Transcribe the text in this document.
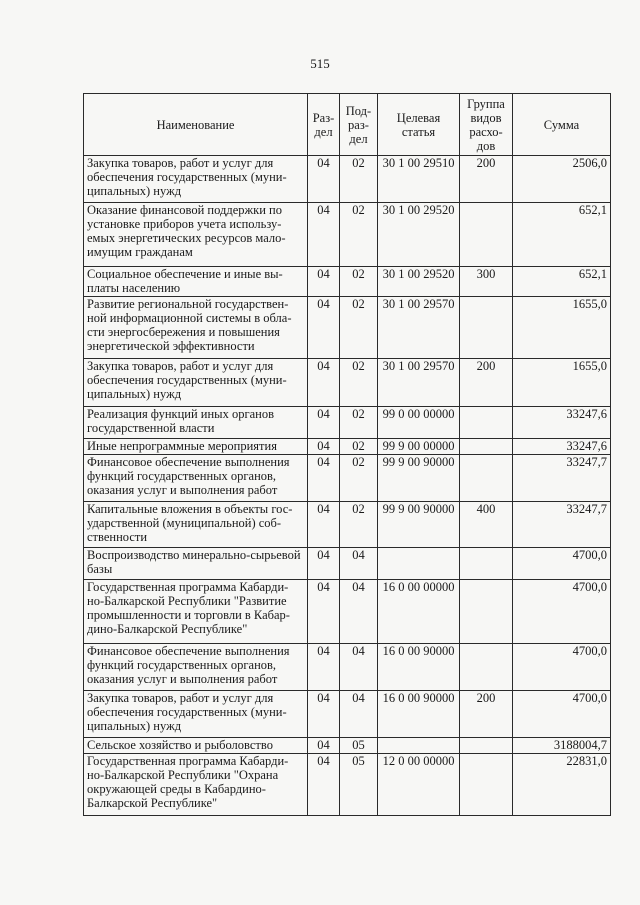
515
Наименование	Раз-дел	Под-раз-дел	Целевая статья	Группа видов расхо-дов	Сумма
Закупка товаров, работ и услуг для обеспечения государственных (муни-ципальных) нужд	04	02	30 1 00 29510	200	2506,0
Оказание финансовой поддержки по установке приборов учета использу-емых энергетических ресурсов мало-имущим гражданам	04	02	30 1 00 29520		652,1
Социальное обеспечение и иные вы-платы населению	04	02	30 1 00 29520	300	652,1
Развитие региональной государствен-ной информационной системы в обла-сти энергосбережения и повышения энергетической эффективности	04	02	30 1 00 29570		1655,0
Закупка товаров, работ и услуг для обеспечения государственных (муни-ципальных) нужд	04	02	30 1 00 29570	200	1655,0
Реализация функций иных органов государственной власти	04	02	99 0 00 00000		33247,6
Иные непрограммные мероприятия	04	02	99 9 00 00000		33247,6
Финансовое обеспечение выполнения функций государственных органов, оказания услуг и выполнения работ	04	02	99 9 00 90000		33247,7
Капитальные вложения в объекты гос-ударственной (муниципальной) соб-ственности	04	02	99 9 00 90000	400	33247,7
Воспроизводство минерально-сырьевой базы	04	04			4700,0
Государственная программа Кабарди-но-Балкарской Республики "Развитие промышленности и торговли в Кабар-дино-Балкарской Республике"	04	04	16 0 00 00000		4700,0
Финансовое обеспечение выполнения функций государственных органов, оказания услуг и выполнения работ	04	04	16 0 00 90000		4700,0
Закупка товаров, работ и услуг для обеспечения государственных (муни-ципальных) нужд	04	04	16 0 00 90000	200	4700,0
Сельское хозяйство и рыболовство	04	05			3188004,7
Государственная программа Кабарди-но-Балкарской Республики "Охрана окружающей среды в Кабардино-Балкарской Республике"	04	05	12 0 00 00000		22831,0
